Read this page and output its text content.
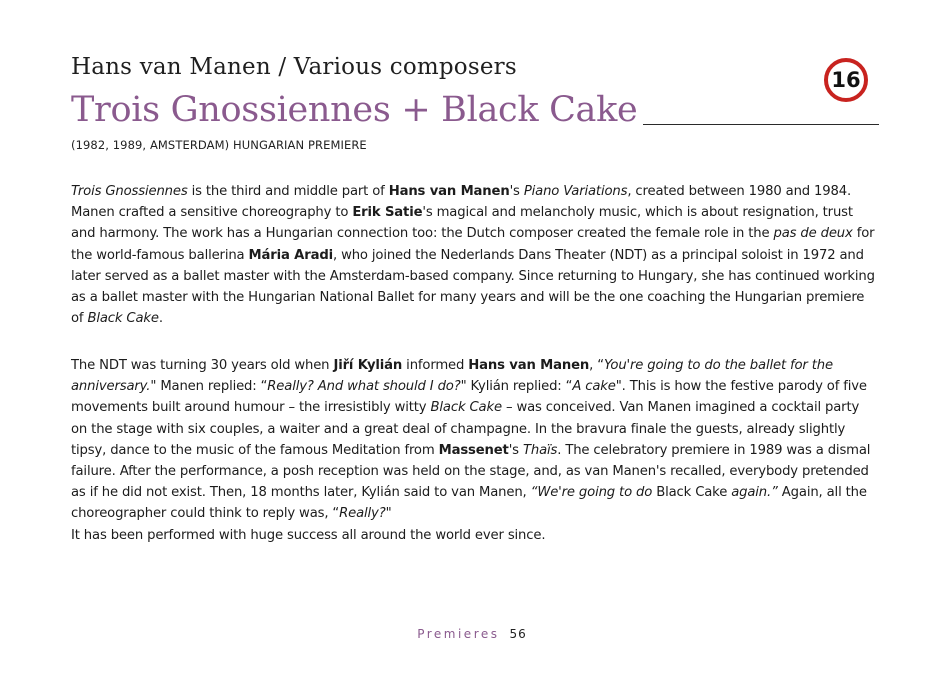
Hans van Manen / Various composers	16
Trois Gnossiennes + Black Cake
(1982, 1989, AMSTERDAM) HUNGARIAN PREMIERE
Trois Gnossiennes is the third and middle part of Hans van Manen's Piano Variations, created between 1980 and 1984. Manen crafted a sensitive choreography to Erik Satie's magical and melancholy music, which is about resignation, trust and harmony. The work has a Hungarian connection too: the Dutch composer created the female role in the pas de deux for the world-famous ballerina Mária Aradi, who joined the Nederlands Dans Theater (NDT) as a principal soloist in 1972 and later served as a ballet master with the Amsterdam-based company. Since returning to Hungary, she has continued working as a ballet master with the Hungarian National Ballet for many years and will be the one coaching the Hungarian premiere of Black Cake.
The NDT was turning 30 years old when Jiří Kylián informed Hans van Manen, “You're going to do the ballet for the anniversary." Manen replied: “Really? And what should I do?" Kylián replied: “A cake". This is how the festive parody of five movements built around humour – the irresistibly witty Black Cake – was conceived. Van Manen imagined a cocktail party on the stage with six couples, a waiter and a great deal of champagne. In the bravura finale the guests, already slightly tipsy, dance to the music of the famous Meditation from Massenet's Thaïs. The celebratory premiere in 1989 was a dismal failure. After the performance, a posh reception was held on the stage, and, as van Manen's recalled, everybody pretended as if he did not exist. Then, 18 months later, Kylián said to van Manen, “We're going to do Black Cake again.” Again, all the choreographer could think to reply was, “Really?"
It has been performed with huge success all around the world ever since.
Premieres 56
